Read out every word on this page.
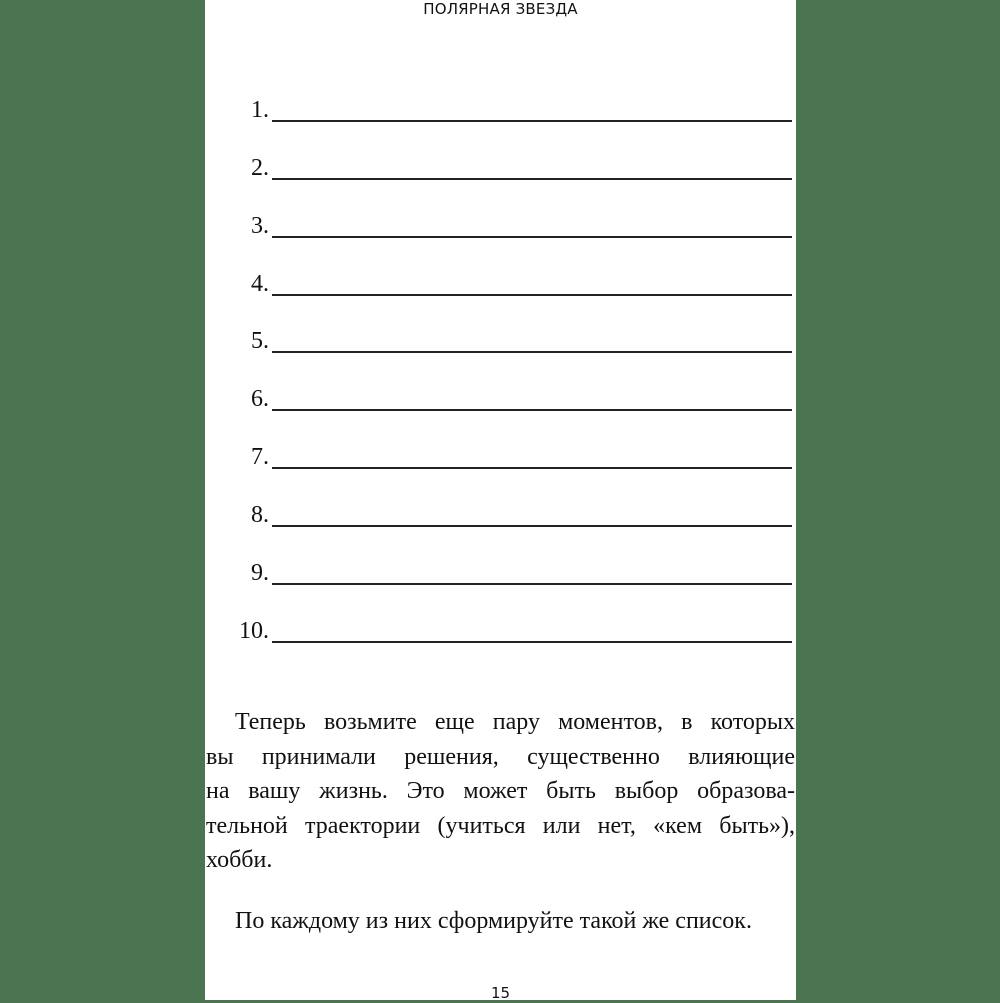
ПОЛЯРНАЯ ЗВЕЗДА
1.
2.
3.
4.
5.
6.
7.
8.
9.
10.
Теперь возьмите еще пару моментов, в которых
вы принимали решения, существенно влияющие
на вашу жизнь. Это может быть выбор образова-
тельной траектории (учиться или нет, «кем быть»),
хобби.
По каждому из них сформируйте такой же список.
15
